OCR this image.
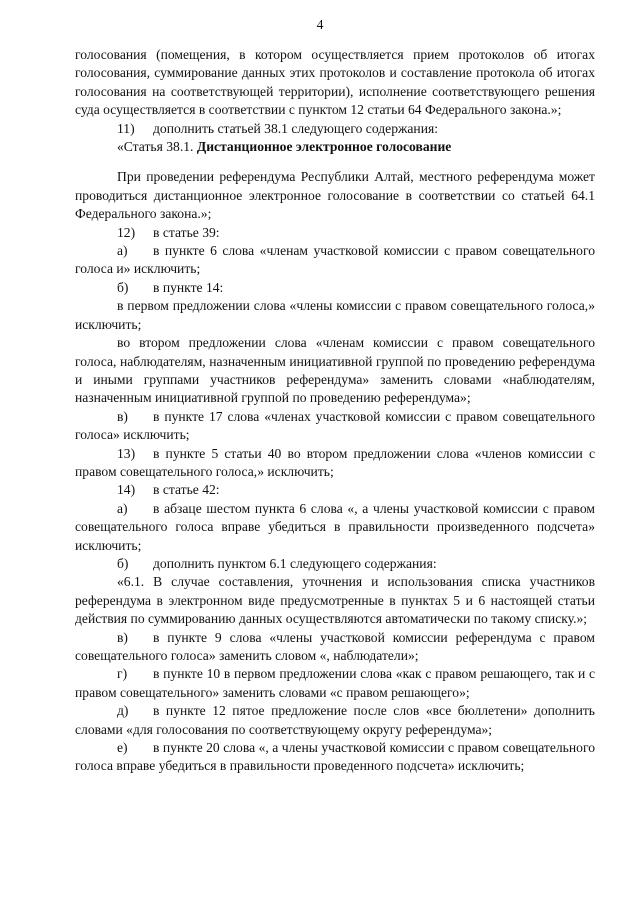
4

голосования (помещения, в котором осуществляется прием протоколов об итогах голосования, суммирование данных этих протоколов и составление протокола об итогах голосования на соответствующей территории), исполнение соответствующего решения суда осуществляется в соответствии с пунктом 12 статьи 64 Федерального закона.»;

11) дополнить статьей 38.1 следующего содержания:

«Статья 38.1. Дистанционное электронное голосование

При проведении референдума Республики Алтай, местного референдума может проводиться дистанционное электронное голосование в соответствии со статьей 64.1 Федерального закона.»;

12) в статье 39:

а) в пункте 6 слова «членам участковой комиссии с правом совещательного голоса и» исключить;

б) в пункте 14:

в первом предложении слова «члены комиссии с правом совещательного голоса,» исключить;

во втором предложении слова «членам комиссии с правом совещательного голоса, наблюдателям, назначенным инициативной группой по проведению референдума и иными группами участников референдума» заменить словами «наблюдателям, назначенным инициативной группой по проведению референдума»;

в) в пункте 17 слова «членах участковой комиссии с правом совещательного голоса» исключить;

13) в пункте 5 статьи 40 во втором предложении слова «членов комиссии с правом совещательного голоса,» исключить;

14) в статье 42:

а) в абзаце шестом пункта 6 слова «, а члены участковой комиссии с правом совещательного голоса вправе убедиться в правильности произведенного подсчета» исключить;

б) дополнить пунктом 6.1 следующего содержания:

«6.1. В случае составления, уточнения и использования списка участников референдума в электронном виде предусмотренные в пунктах 5 и 6 настоящей статьи действия по суммированию данных осуществляются автоматически по такому списку.»;

в) в пункте 9 слова «члены участковой комиссии референдума с правом совещательного голоса» заменить словом «, наблюдатели»;

г) в пункте 10 в первом предложении слова «как с правом решающего, так и с правом совещательного» заменить словами «с правом решающего»;

д) в пункте 12 пятое предложение после слов «все бюллетени» дополнить словами «для голосования по соответствующему округу референдума»;

е) в пункте 20 слова «, а члены участковой комиссии с правом совещательного голоса вправе убедиться в правильности проведенного подсчета» исключить;
